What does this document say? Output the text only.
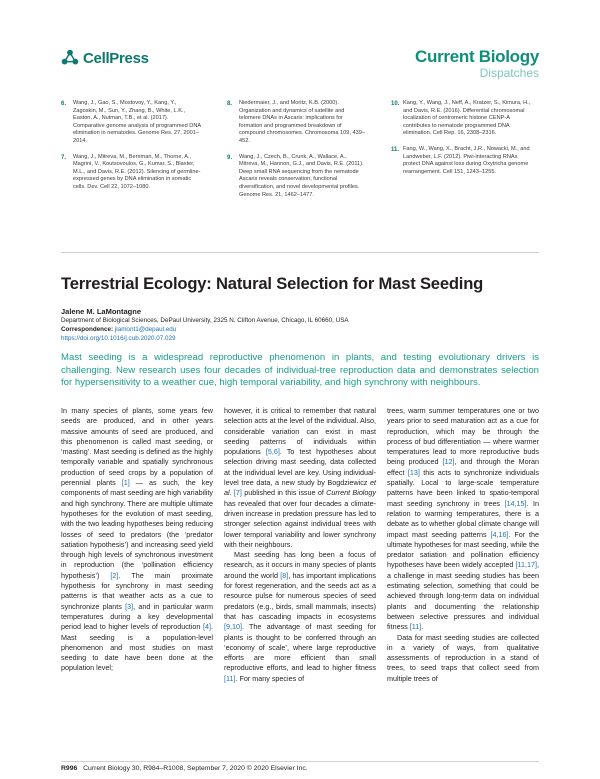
CellPress	Current Biology
Dispatches
6.	Wang, J., Gao, S., Mostovoy, Y., Kang, Y., Zagoskin, M., Sun, Y., Zhang, B., White, L.K., Easton, A., Nutman, T.B., et al. (2017). Comparative genome analysis of programmed DNA elimination in nematodes. Genome Res. 27, 2001–2014.
7.	Wang, J., Mitreva, M., Berriman, M., Thorne, A., Magrini, V., Koutsovoulos, G., Kumar, S., Blaxter, M.L., and Davis, R.E. (2012). Silencing of germline-expressed genes by DNA elimination in somatic cells. Dev. Cell 22, 1072–1080.
8.	Niedermaier, J., and Moritz, K.B. (2000). Organization and dynamics of satellite and telomere DNAs in Ascaris: implications for formation and programmed breakdown of compound chromosomes. Chromosoma 109, 439–452.
9.	Wang, J., Czech, B., Crunk, A., Wallace, A., Mitreva, M., Hannon, G.J., and Davis, R.E. (2011). Deep small RNA sequencing from the nematode Ascaris reveals conservation, functional diversification, and novel developmental profiles. Genome Res. 21, 1462–1477.
10. Kang, Y., Wang, J., Neff, A., Kratzer, S., Kimura, H., and Davis, R.E. (2016). Differential chromosomal localization of centromeric histone CENP-A contributes to nematode programmed DNA elimination. Cell Rep. 16, 2308–2316.
11. Fang, W., Wang, X., Bracht, J.R., Nowacki, M., and Landweber, L.F. (2012). Piwi-interacting RNAs protect DNA against loss during Oxytricha genome rearrangement. Cell 151, 1243–1255.
Terrestrial Ecology: Natural Selection for Mast Seeding
Jalene M. LaMontagne
Department of Biological Sciences, DePaul University, 2325 N. Clifton Avenue, Chicago, IL 60660, USA
Correspondence: jlamont1@depaul.edu
https://doi.org/10.1016/j.cub.2020.07.029

Mast seeding is a widespread reproductive phenomenon in plants, and testing evolutionary drivers is challenging. New research uses four decades of individual-tree reproduction data and demonstrates selection for hypersensitivity to a weather cue, high temporal variability, and high synchrony with neighbours.

In many species of plants, some years few seeds are produced, and in other years massive amounts of seed are produced, and this phenomenon is called mast seeding, or ‘masting’. Mast seeding is defined as the highly temporally variable and spatially synchronous production of seed crops by a population of perennial plants [1] — as such, the key components of mast seeding are high variability and high synchrony. There are multiple ultimate hypotheses for the evolution of mast seeding, with the two leading hypotheses being reducing losses of seed to predators (the ‘predator satiation hypothesis’) and increasing seed yield through high levels of synchronous investment in reproduction (the ‘pollination efficiency hypothesis’) [2]. The main proximate hypothesis for synchrony in mast seeding patterns is that weather acts as a cue to synchronize plants [3], and in particular warm temperatures during a key developmental period lead to higher levels of reproduction [4]. Mast seeding is a population-level phenomenon and most studies on mast seeding to date have been done at the population level;

however, it is critical to remember that natural selection acts at the level of the individual. Also, considerable variation can exist in mast seeding patterns of individuals within populations [5,6]. To test hypotheses about selection driving mast seeding, data collected at the individual level are key. Using individual-level tree data, a new study by Bogdziewicz et al. [7] published in this issue of Current Biology has revealed that over four decades a climate-driven increase in predation pressure has led to stronger selection against individual trees with lower temporal variability and lower synchrony with their neighbours.

Mast seeding has long been a focus of research, as it occurs in many species of plants around the world [8], has important implications for forest regeneration, and the seeds act as a resource pulse for numerous species of seed predators (e.g., birds, small mammals, insects) that has cascading impacts in ecosystems [9,10]. The advantage of mast seeding for plants is thought to be conferred through an ‘economy of scale’, where large reproductive efforts are more efficient than small reproductive efforts, and lead to higher fitness [11]. For many species of

trees, warm summer temperatures one or two years prior to seed maturation act as a cue for reproduction, which may be through the process of bud differentiation — where warmer temperatures lead to more reproductive buds being produced [12], and through the Moran effect [13] this acts to synchronize individuals spatially. Local to large-scale temperature patterns have been linked to spatio-temporal mast seeding synchrony in trees [14,15]. In relation to warming temperatures, there is a debate as to whether global climate change will impact mast seeding patterns [4,16]. For the ultimate hypotheses for mast seeding, while the predator satiation and pollination efficiency hypotheses have been widely accepted [11,17], a challenge in mast seeding studies has been estimating selection, something that could be achieved through long-term data on individual plants and documenting the relationship between selective pressures and individual fitness [11].

Data for mast seeding studies are collected in a variety of ways, from qualitative assessments of reproduction in a stand of trees, to seed traps that collect seed from multiple trees of

R996 Current Biology 30, R984–R1008, September 7, 2020 © 2020 Elsevier Inc.
